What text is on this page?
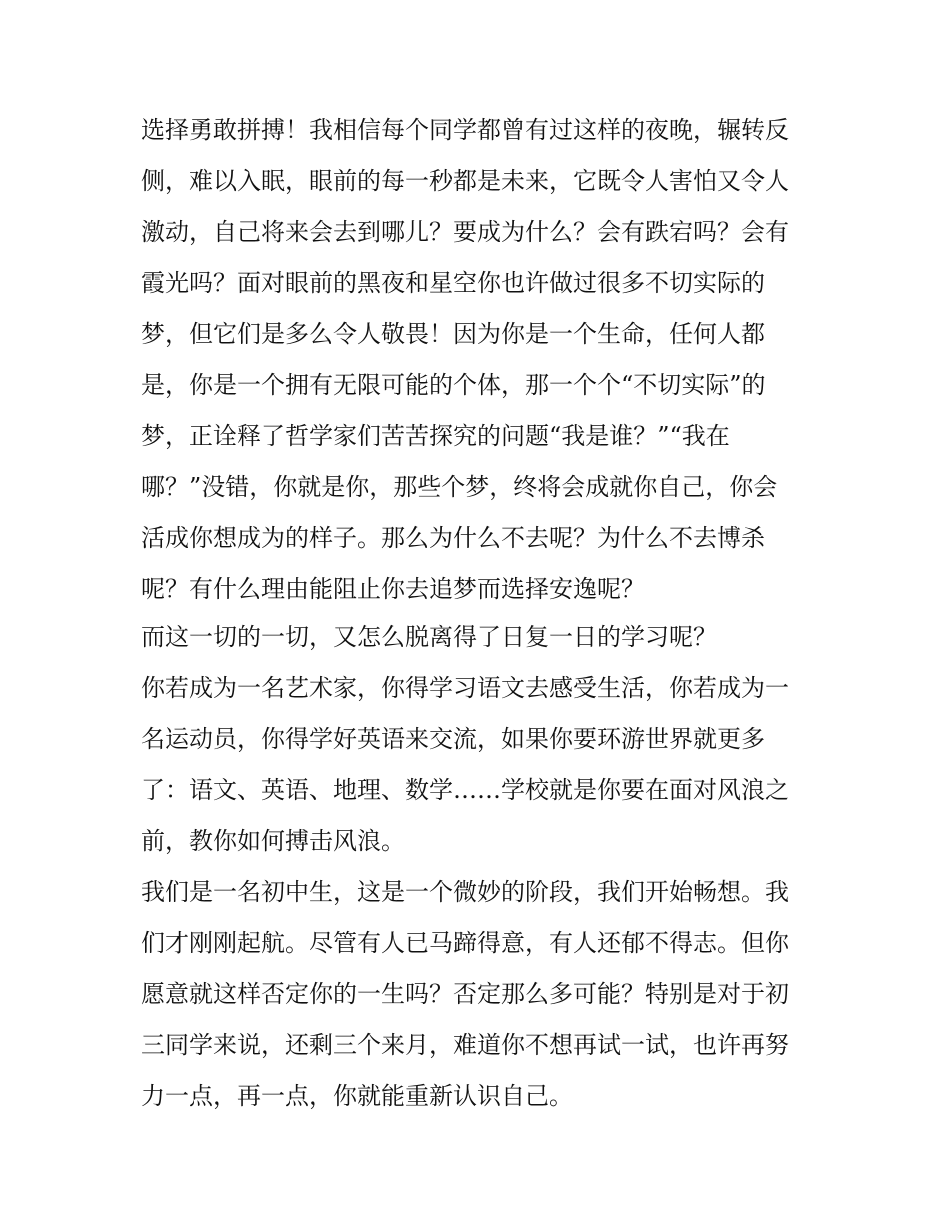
选择勇敢拼搏！我相信每个同学都曾有过这样的夜晚，辗转反
侧，难以入眠，眼前的每一秒都是未来，它既令人害怕又令人
激动，自己将来会去到哪儿？要成为什么？会有跌宕吗？会有
霞光吗？面对眼前的黑夜和星空你也许做过很多不切实际的
梦，但它们是多么令人敬畏！因为你是一个生命，任何人都
是，你是一个拥有无限可能的个体，那一个个“不切实际”的
梦，正诠释了哲学家们苦苦探究的问题“我是谁？”“我在
哪？”没错，你就是你，那些个梦，终将会成就你自己，你会
活成你想成为的样子。那么为什么不去呢？为什么不去博杀
呢？有什么理由能阻止你去追梦而选择安逸呢？
而这一切的一切，又怎么脱离得了日复一日的学习呢？
你若成为一名艺术家，你得学习语文去感受生活，你若成为一
名运动员，你得学好英语来交流，如果你要环游世界就更多
了：语文、英语、地理、数学……学校就是你要在面对风浪之
前，教你如何搏击风浪。
我们是一名初中生，这是一个微妙的阶段，我们开始畅想。我
们才刚刚起航。尽管有人已马蹄得意，有人还郁不得志。但你
愿意就这样否定你的一生吗？否定那么多可能？特别是对于初
三同学来说，还剩三个来月，难道你不想再试一试，也许再努
力一点，再一点，你就能重新认识自己。
